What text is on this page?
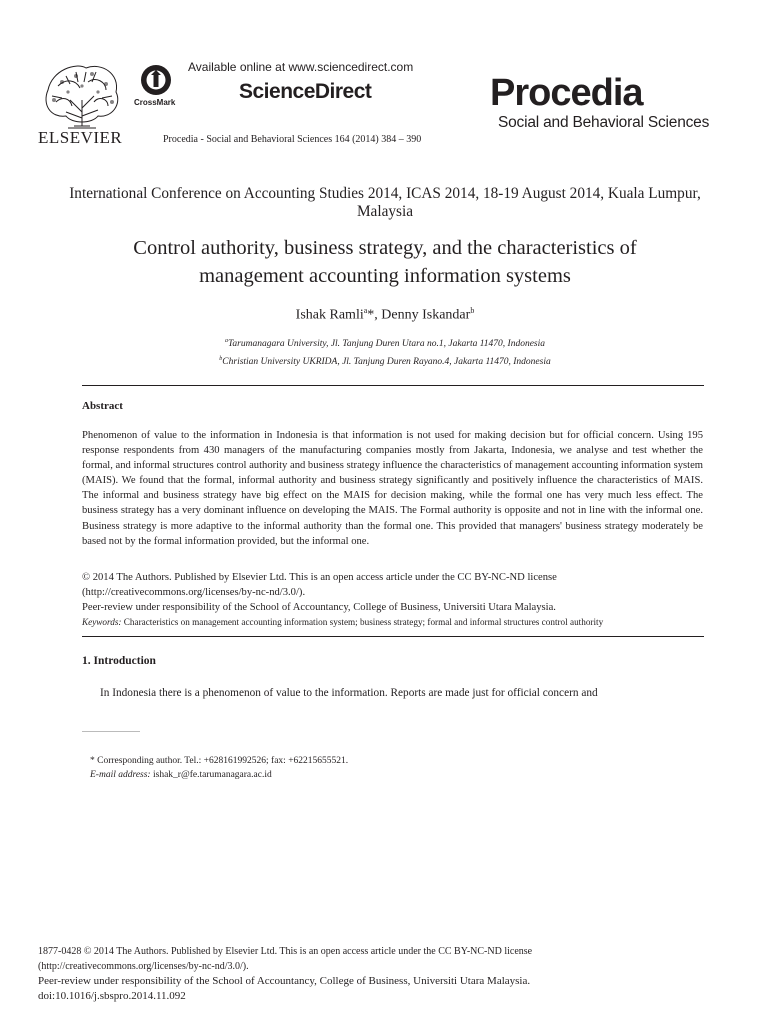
ELSEVIER
CrossMark
Available online at www.sciencedirect.com
ScienceDirect
Procedia - Social and Behavioral Sciences 164 (2014) 384 – 390
Procedia
Social and Behavioral Sciences
International Conference on Accounting Studies 2014, ICAS 2014, 18-19 August 2014, Kuala Lumpur, Malaysia
Control authority, business strategy, and the characteristics of
management accounting information systems
Ishak Ramli$^a$*, Denny Iskandar$^b$
$^a$Tarumanagara University, Jl. Tanjung Duren Utara no.1, Jakarta 11470, Indonesia
$^b$Christian University UKRIDA, Jl. Tanjung Duren Rayano.4, Jakarta 11470, Indonesia
Abstract
Phenomenon of value to the information in Indonesia is that information is not used for making decision but for official concern. Using 195 response respondents from 430 managers of the manufacturing companies mostly from Jakarta, Indonesia, we analyse and test whether the formal, and informal structures control authority and business strategy influence the characteristics of management accounting information system (MAIS). We found that the formal, informal authority and business strategy significantly and positively influence the characteristics of MAIS. The informal and business strategy have big effect on the MAIS for decision making, while the formal one has very much less effect. The business strategy has a very dominant influence on developing the MAIS. The Formal authority is opposite and not in line with the informal one. Business strategy is more adaptive to the informal authority than the formal one. This provided that managers' business strategy moderately be based not by the formal information provided, but the informal one.
© 2014 The Authors. Published by Elsevier Ltd. This is an open access article under the CC BY-NC-ND license
(http://creativecommons.org/licenses/by-nc-nd/3.0/).
Peer-review under responsibility of the School of Accountancy, College of Business, Universiti Utara Malaysia.
Keywords: Characteristics on management accounting information system; business strategy; formal and informal structures control authority
1. Introduction
In Indonesia there is a phenomenon of value to the information. Reports are made just for official concern and
* Corresponding author. Tel.: +628161992526; fax: +62215655521.
E-mail address: ishak_r@fe.tarumanagara.ac.id
1877-0428 © 2014 The Authors. Published by Elsevier Ltd. This is an open access article under the CC BY-NC-ND license
(http://creativecommons.org/licenses/by-nc-nd/3.0/).
Peer-review under responsibility of the School of Accountancy, College of Business, Universiti Utara Malaysia.
doi:10.1016/j.sbspro.2014.11.092
